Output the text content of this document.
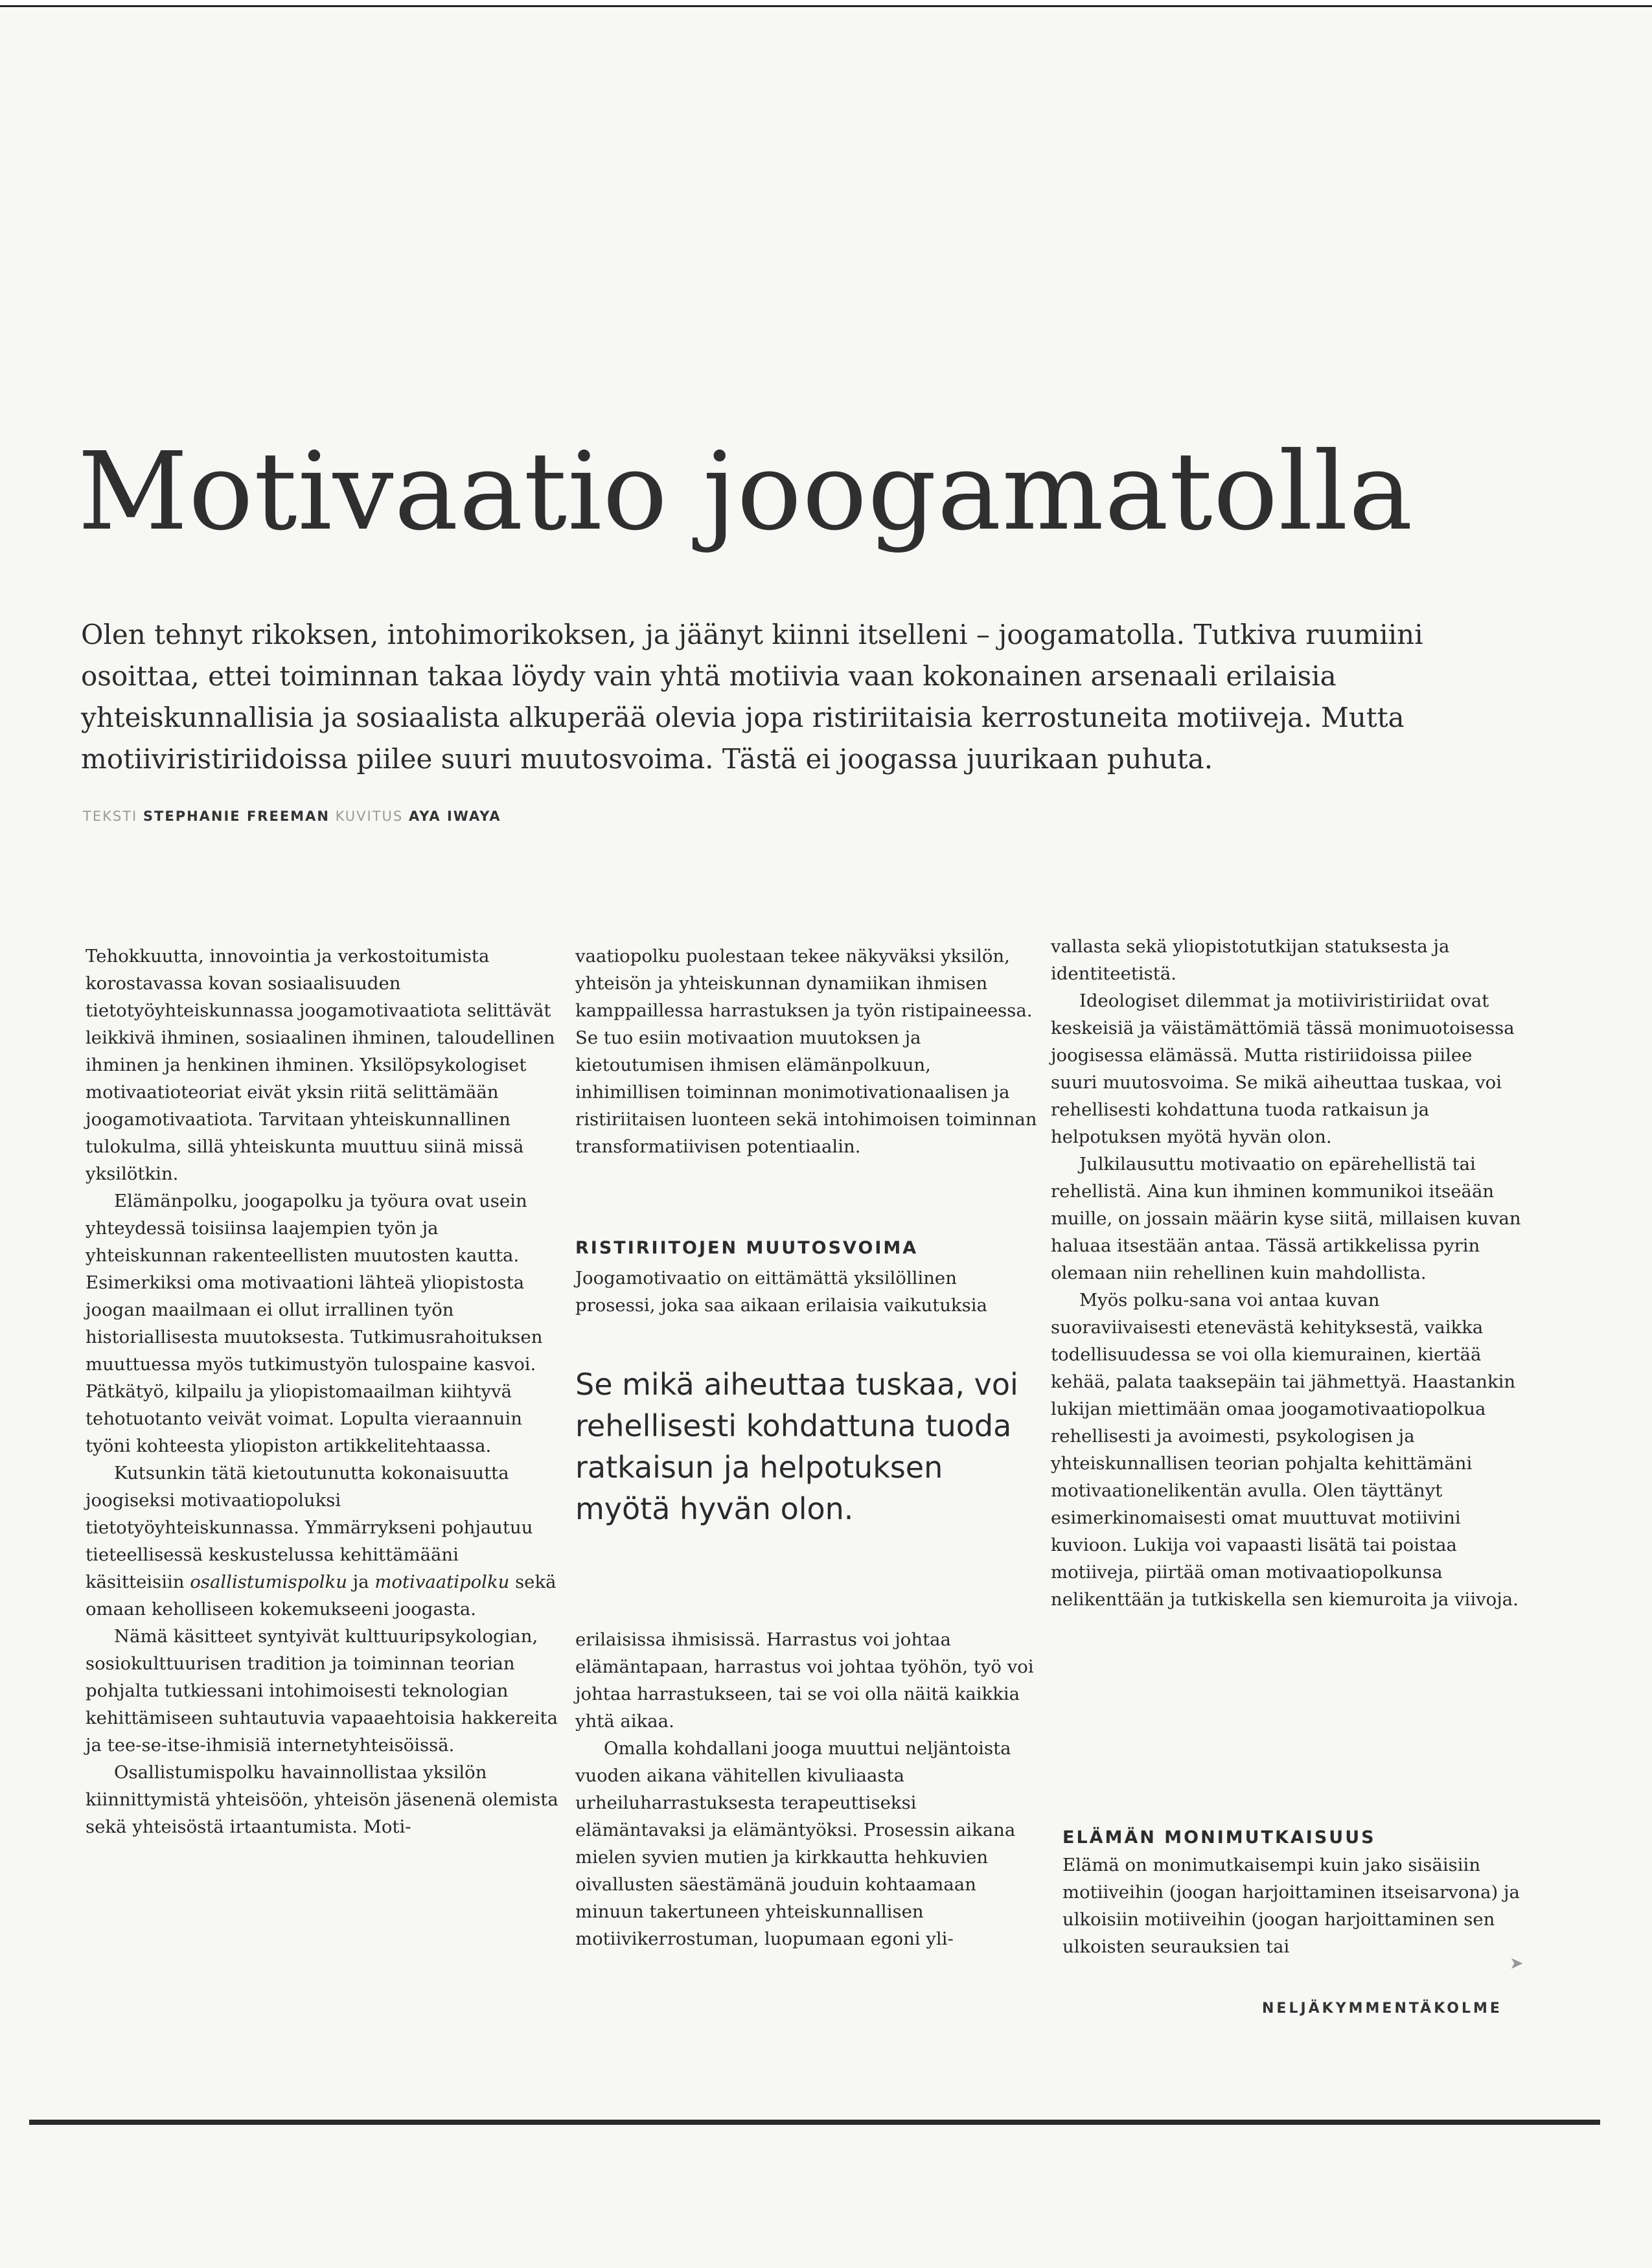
Motivaatio joogamatolla

Olen tehnyt rikoksen, intohimorikoksen, ja jäänyt kiinni itselleni – joogamatolla. Tutkiva ruumiini osoittaa, ettei toiminnan takaa löydy vain yhtä motiivia vaan kokonainen arsenaali erilaisia yhteiskunnallisia ja sosiaalista alkuperää olevia jopa ristiriitaisia kerrostuneita motiiveja. Mutta motiiviristiriidoissa piilee suuri muutosvoima. Tästä ei joogassa juurikaan puhuta.

TEKSTI STEPHANIE FREEMAN KUVITUS AYA IWAYA

Tehokkuutta, innovointia ja verkostoitumista korostavassa kovan sosiaalisuuden tietotyöyhteiskunnassa joogamotivaatiota selittävät leikkivä ihminen, sosiaalinen ihminen, taloudellinen ihminen ja henkinen ihminen. Yksilöpsykologiset motivaatioteoriat eivät yksin riitä selittämään joogamotivaatiota. Tarvitaan yhteiskunnallinen tulokulma, sillä yhteiskunta muuttuu siinä missä yksilötkin.

Elämänpolku, joogapolku ja työura ovat usein yhteydessä toisiinsa laajempien työn ja yhteiskunnan rakenteellisten muutosten kautta. Esimerkiksi oma motivaationi lähteä yliopistosta joogan maailmaan ei ollut irrallinen työn historiallisesta muutoksesta. Tutkimusrahoituksen muuttuessa myös tutkimustyön tulospaine kasvoi. Pätkätyö, kilpailu ja yliopistomaailman kiihtyvä tehotuotanto veivät voimat. Lopulta vieraannuin työni kohteesta yliopiston artikkelitehtaassa.

Kutsunkin tätä kietoutunutta kokonaisuutta joogiseksi motivaatiopoluksi tietotyöyhteiskunnassa. Ymmärrykseni pohjautuu tieteellisessä keskustelussa kehittämääni käsitteisiin osallistumispolku ja motivaatipolku sekä omaan keholliseen kokemukseeni joogasta.

Nämä käsitteet syntyivät kulttuuripsykologian, sosiokulttuurisen tradition ja toiminnan teorian pohjalta tutkiessani intohimoisesti teknologian kehittämiseen suhtautuvia vapaaehtoisia hakkereita ja tee-se-itse-ihmisiä internetyhteisöissä.

Osallistumispolku havainnollistaa yksilön kiinnittymistä yhteisöön, yhteisön jäsenenä olemista sekä yhteisöstä irtaantumista. Moti-

vaatiopolku puolestaan tekee näkyväksi yksilön, yhteisön ja yhteiskunnan dynamiikan ihmisen kamppaillessa harrastuksen ja työn ristipaineessa. Se tuo esiin motivaation muutoksen ja kietoutumisen ihmisen elämänpolkuun, inhimillisen toiminnan monimotivationaalisen ja ristiriitaisen luonteen sekä intohimoisen toiminnan transformatiivisen potentiaalin.

RISTIRIITOJEN MUUTOSVOIMA

Joogamotivaatio on eittämättä yksilöllinen prosessi, joka saa aikaan erilaisia vaikutuksia

Se mikä aiheuttaa tuskaa, voi rehellisesti kohdattuna tuoda ratkaisun ja helpotuksen myötä hyvän olon.

erilaisissa ihmisissä. Harrastus voi johtaa elämäntapaan, harrastus voi johtaa työhön, työ voi johtaa harrastukseen, tai se voi olla näitä kaikkia yhtä aikaa.

Omalla kohdallani jooga muuttui neljäntoista vuoden aikana vähitellen kivuliaasta urheiluharrastuksesta terapeuttiseksi elämäntavaksi ja elämäntyöksi. Prosessin aikana mielen syvien mutien ja kirkkautta hehkuvien oivallusten säestämänä jouduin kohtaamaan minuun takertuneen yhteiskunnallisen motiivikerrostuman, luopumaan egoni yli-

vallasta sekä yliopistotutkijan statuksesta ja identiteetistä.

Ideologiset dilemmat ja motiiviristiriidat ovat keskeisiä ja väistämättömiä tässä monimuotoisessa joogisessa elämässä. Mutta ristiriidoissa piilee suuri muutosvoima. Se mikä aiheuttaa tuskaa, voi rehellisesti kohdattuna tuoda ratkaisun ja helpotuksen myötä hyvän olon.

Julkilausuttu motivaatio on epärehellistä tai rehellistä. Aina kun ihminen kommunikoi itseään muille, on jossain määrin kyse siitä, millaisen kuvan haluaa itsestään antaa. Tässä artikkelissa pyrin olemaan niin rehellinen kuin mahdollista.

Myös polku-sana voi antaa kuvan suoraviivaisesti etenevästä kehityksestä, vaikka todellisuudessa se voi olla kiemurainen, kiertää kehää, palata taaksepäin tai jähmettyä. Haastankin lukijan miettimään omaa joogamotivaatiopolkua rehellisesti ja avoimesti, psykologisen ja yhteiskunnallisen teorian pohjalta kehittämäni motivaationelikentän avulla. Olen täyttänyt esimerkinomaisesti omat muuttuvat motiivini kuvioon. Lukija voi vapaasti lisätä tai poistaa motiiveja, piirtää oman motivaatiopolkunsa nelikenttään ja tutkiskella sen kiemuroita ja viivoja.

ELÄMÄN MONIMUTKAISUUS

Elämä on monimutkaisempi kuin jako sisäisiin motiiveihin (joogan harjoittaminen itseisarvona) ja ulkoisiin motiiveihin (joogan harjoittaminen sen ulkoisten seurauksien tai

➤
NELJÄKYMMENTÄKOLME
